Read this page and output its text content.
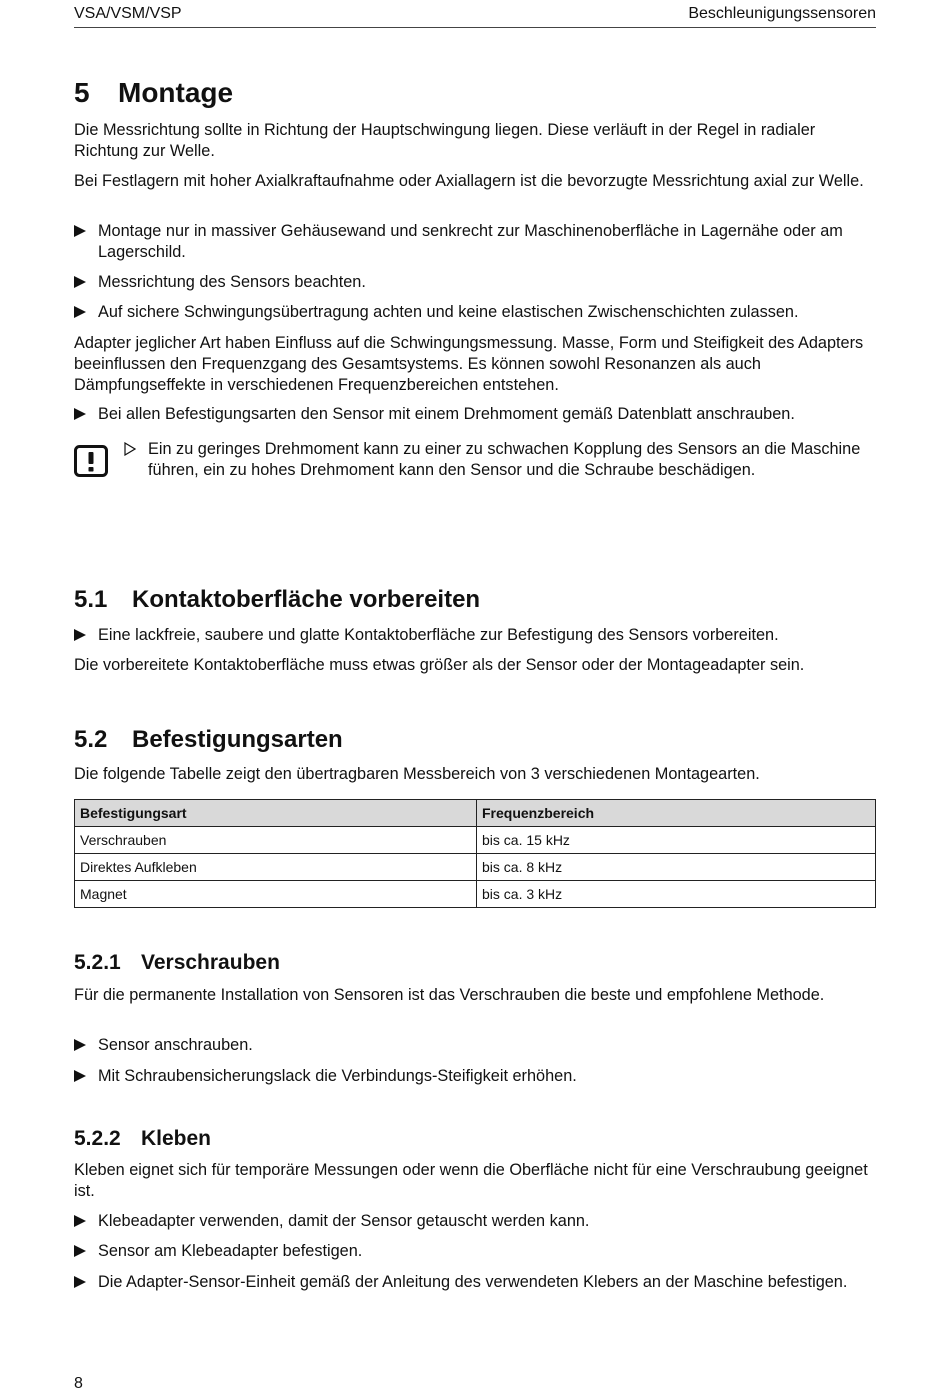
VSA/VSM/VSP	Beschleunigungssensoren
5 Montage

Die Messrichtung sollte in Richtung der Hauptschwingung liegen. Diese verläuft in der Regel in radialer Richtung zur Welle.

Bei Festlagern mit hoher Axialkraftaufnahme oder Axiallagern ist die bevorzugte Messrichtung axial zur Welle.

Montage nur in massiver Gehäusewand und senkrecht zur Maschinenoberfläche in Lagernähe oder am Lagerschild.
Messrichtung des Sensors beachten.
Auf sichere Schwingungsübertragung achten und keine elastischen Zwischenschichten zulassen.

Adapter jeglicher Art haben Einfluss auf die Schwingungsmessung. Masse, Form und Steifigkeit des Adapters beeinflussen den Frequenzgang des Gesamtsystems. Es können sowohl Resonanzen als auch Dämpfungseffekte in verschiedenen Frequenzbereichen entstehen.

Bei allen Befestigungsarten den Sensor mit einem Drehmoment gemäß Datenblatt anschrauben.
Ein zu geringes Drehmoment kann zu einer zu schwachen Kopplung des Sensors an die Maschine führen, ein zu hohes Drehmoment kann den Sensor und die Schraube beschädigen.
5.1 Kontaktoberfläche vorbereiten
Eine lackfreie, saubere und glatte Kontaktoberfläche zur Befestigung des Sensors vorbereiten.

Die vorbereitete Kontaktoberfläche muss etwas größer als der Sensor oder der Montageadapter sein.

5.2 Befestigungsarten

Die folgende Tabelle zeigt den übertragbaren Messbereich von 3 verschiedenen Montagearten.

Befestigungsart	Frequenzbereich
Verschrauben	bis ca. 15 kHz
Direktes Aufkleben	bis ca. 8 kHz
Magnet	bis ca. 3 kHz
5.2.1 Verschrauben

Für die permanente Installation von Sensoren ist das Verschrauben die beste und empfohlene Methode.

Sensor anschrauben.
Mit Schraubensicherungslack die Verbindungs-Steifigkeit erhöhen.
5.2.2 Kleben

Kleben eignet sich für temporäre Messungen oder wenn die Oberfläche nicht für eine Verschraubung geeignet ist.

Klebeadapter verwenden, damit der Sensor getauscht werden kann.
Sensor am Klebeadapter befestigen.
Die Adapter-Sensor-Einheit gemäß der Anleitung des verwendeten Klebers an der Maschine befestigen.
8
